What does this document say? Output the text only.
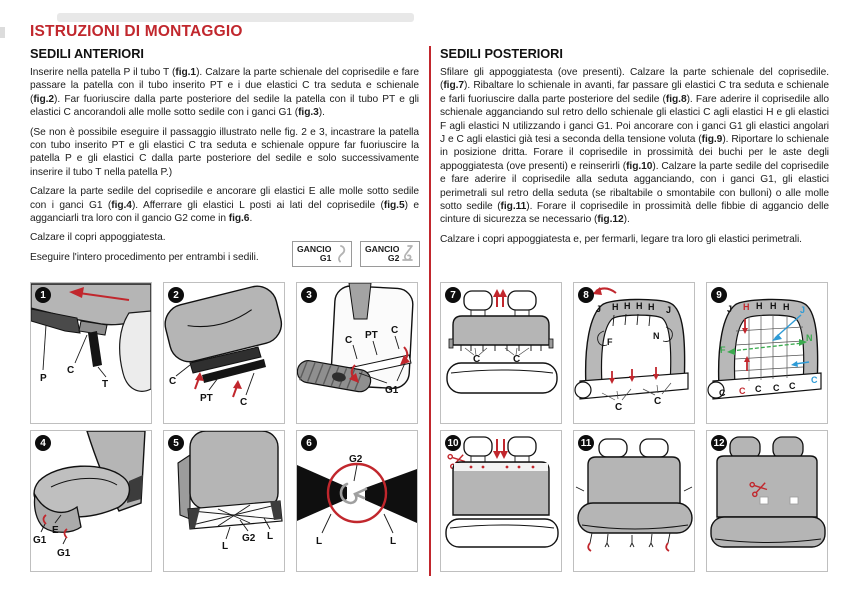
ISTRUZIONI DI MONTAGGIO
SEDILI ANTERIORI

Inserire nella patella P il tubo T (fig.1). Calzare la parte schienale del coprisedile e fare passare la patella con il tubo inserito PT e i due elastici C tra seduta e schienale (fig.2). Far fuoriuscire dalla parte posteriore del sedile la patella con il tubo PT e gli elastici C ancorandoli alle molle sotto sedile con i ganci G1 (fig.3).

(Se non è possibile eseguire il passaggio illustrato nelle fig. 2 e 3, incastrare la patella con tubo inserito PT e gli elastici C tra seduta e schienale oppure far fuoriuscire la patella P e gli elastici C dalla parte posteriore del sedile e solo successivamente inserire il tubo T nella patella P.)

Calzare la parte sedile del coprisedile e ancorare gli elastici E alle molle sotto sedile con i ganci G1 (fig.4). Afferrare gli elastici L posti ai lati del coprisedile (fig.5) e agganciarli tra loro con il gancio G2 come in fig.6.

Calzare il copri appoggiatesta.

Eseguire l'intero procedimento per entrambi i sedili.

GANCIO
G1
GANCIO
G2
SEDILI POSTERIORI

Sfilare gli appoggiatesta (ove presenti). Calzare la parte schienale del coprisedile. (fig.7). Ribaltare lo schienale in avanti, far passare gli elastici C tra seduta e schienale e farli fuoriuscire dalla parte posteriore del sedile (fig.8). Fare aderire il coprisedile allo schienale agganciando sul retro dello schienale gli elastici C agli elastici H e gli elastici F agli elastici N utilizzando i ganci G1. Poi ancorare con i ganci G1 gli elastici angolari J e C agli elastici già tesi a seconda della tensione voluta (fig.9). Riportare lo schienale in posizione dritta. Forare il coprisedile in prossimità dei buchi per le aste degli appoggiatesta (ove presenti) e reinserirli (fig.10). Calzare la parte sedile del coprisedile e fare aderire il coprisedile alla seduta agganciando, con i ganci G1, gli elastici perimetrali sul retro della seduta (se ribaltabile o smontabile con bulloni) o alle molle sotto sedile (fig.11). Forare il coprisedile in prossimità delle fibbie di aggancio delle cinture di sicurezza se necessario (fig.12).

Calzare i copri appoggiatesta e, per fermarli, legare tra loro gli elastici perimetrali.

1
P
C
T
2
C
PT	C
3
C PT C
G1
4
G1
E
G1
5
L
G2 L
6
G2
L	L
7
C	C
8
J H H H H J
F
N
C
C
9
J H H H H J
F
N
C C C C C
C
10	11	12
